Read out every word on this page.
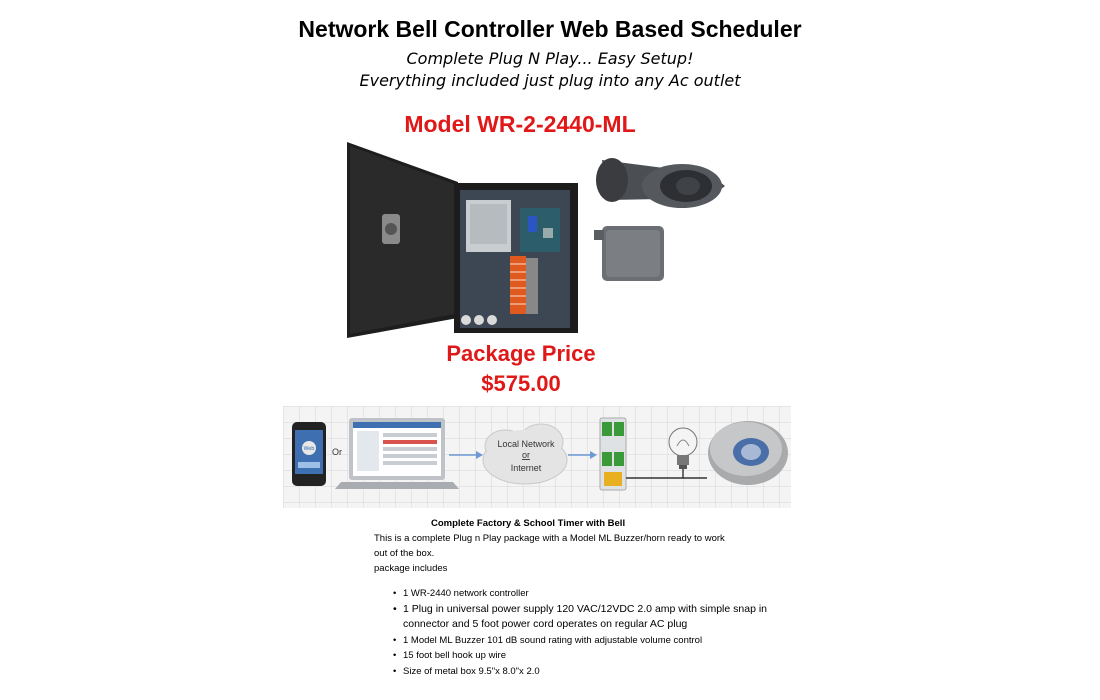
Network Bell Controller Web Based Scheduler
Complete Plug N Play... Easy Setup!
Everything included just plug into any Ac outlet
Model WR-2-2440-ML
Package Price
$575.00
Web Or
Local Network
or
Internet

Complete Factory & School Timer with Bell

This is a complete Plug n Play package with a Model ML Buzzer/horn ready to work out of the box.

package includes

• 1 WR-2440 network controller
• 1 Plug in universal power supply 120 VAC/12VDC 2.0 amp with simple snap in connector and 5 foot power cord operates on regular AC plug
• 1 Model ML Buzzer 101 dB sound rating with adjustable volume control
• 15 foot bell hook up wire
• Size of metal box 9.5"x 8.0"x 2.0
